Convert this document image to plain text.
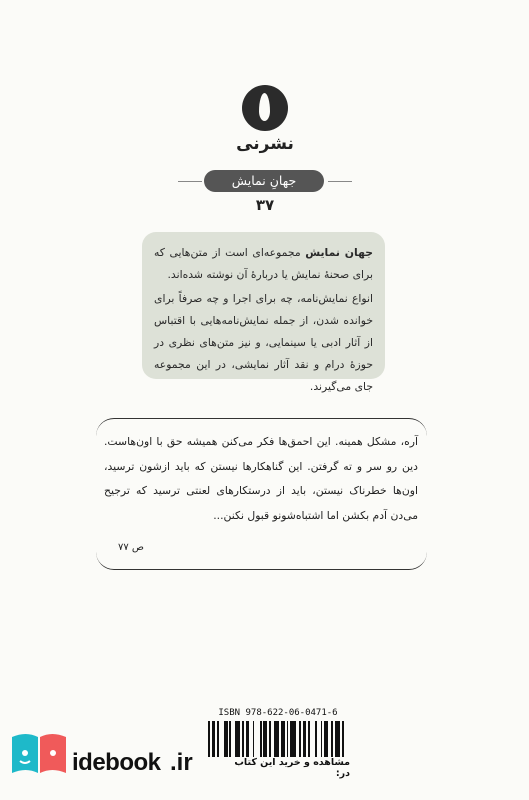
نشرنی
جهانِ نمایش
۳۷

جهان نمایش مجموعه‌ای است از متن‌هایی که برای صحنهٔ نمایش یا دربارهٔ آن نوشته شده‌اند.

انواع نمایش‌نامه، چه برای اجرا و چه صرفاً برای خوانده شدن، از جمله نمایش‌نامه‌هایی با اقتباس از آثار ادبی یا سینمایی، و نیز متن‌های نظری در حوزهٔ درام و نقد آثار نمایشی، در این مجموعه جای می‌گیرند.

آره، مشکل همینه. این احمق‌ها فکر می‌کنن همیشه حق با اون‌هاست. دین رو سر و ته گرفتن. این گناهکارها نیستن که باید ازشون ترسید، اون‌ها خطرناک نیستن، باید از درستکارهای لعنتی ترسید که ترجیح می‌دن آدم بکشن اما اشتباه‌شونو قبول نکنن...
ص ۷۷
ISBN 978-622-06-0471-6
idebook .ir	مشاهده و خرید این کتاب در:
